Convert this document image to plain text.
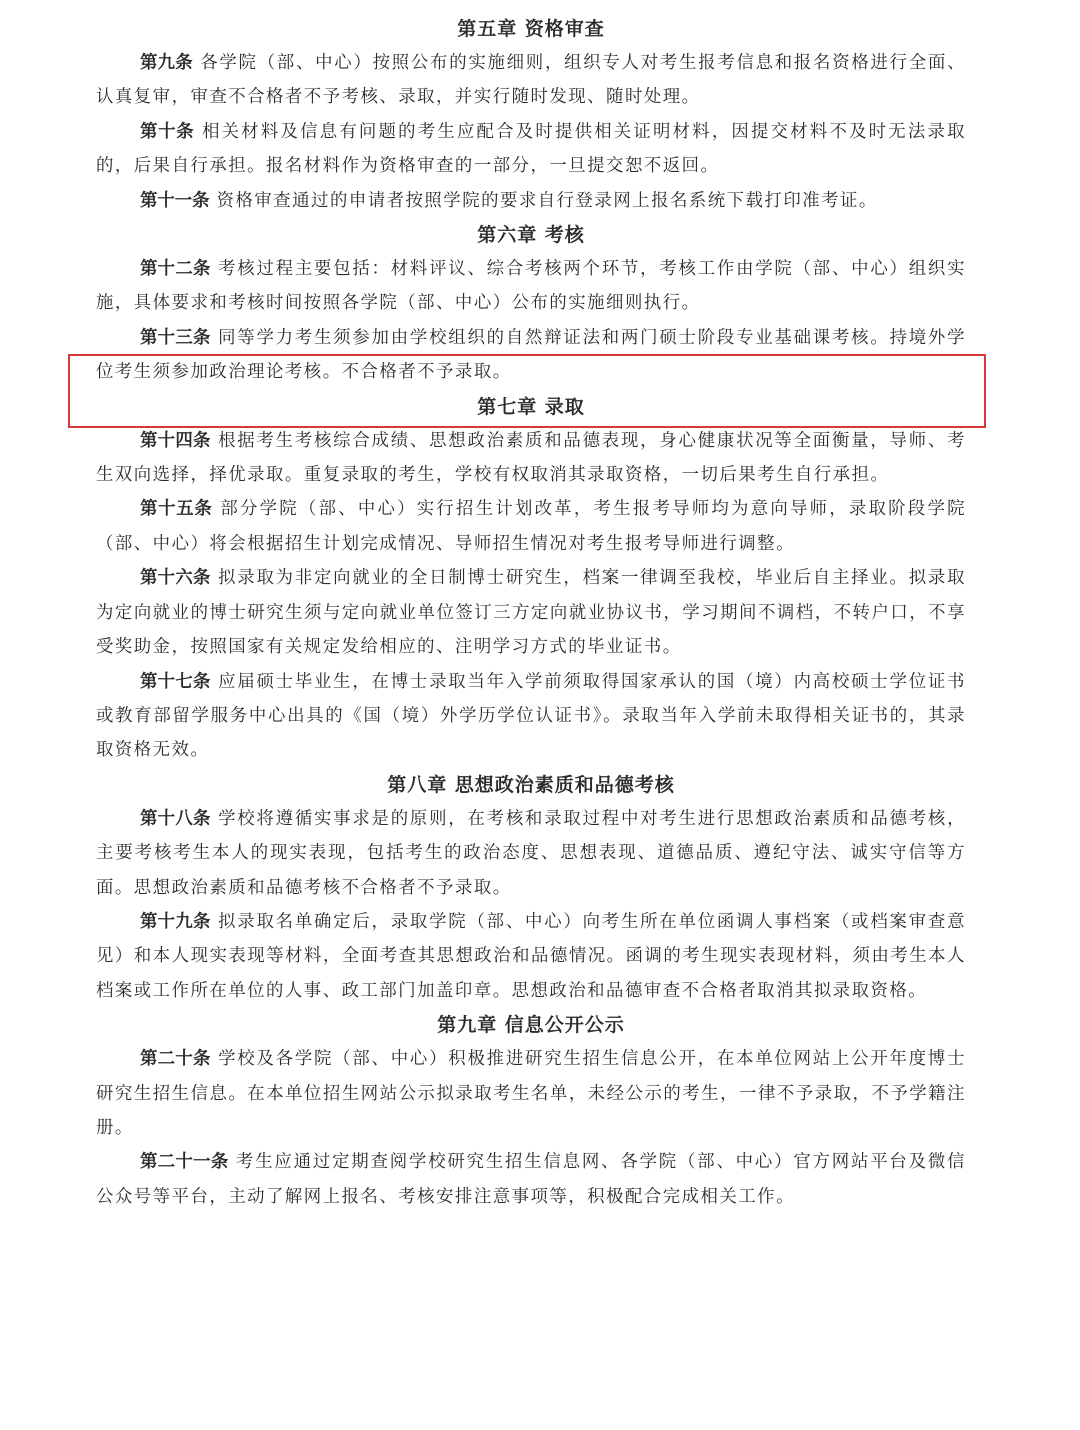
第五章 资格审查

第九条 各学院（部、中心）按照公布的实施细则，组织专人对考生报考信息和报名资格进行全面、认真复审，审查不合格者不予考核、录取，并实行随时发现、随时处理。

第十条 相关材料及信息有问题的考生应配合及时提供相关证明材料，因提交材料不及时无法录取的，后果自行承担。报名材料作为资格审查的一部分，一旦提交恕不返回。

第十一条 资格审查通过的申请者按照学院的要求自行登录网上报名系统下载打印准考证。

第六章 考核

第十二条 考核过程主要包括：材料评议、综合考核两个环节，考核工作由学院（部、中心）组织实施，具体要求和考核时间按照各学院（部、中心）公布的实施细则执行。

第十三条 同等学力考生须参加由学校组织的自然辩证法和两门硕士阶段专业基础课考核。持境外学位考生须参加政治理论考核。不合格者不予录取。

第七章 录取

第十四条 根据考生考核综合成绩、思想政治素质和品德表现，身心健康状况等全面衡量，导师、考生双向选择，择优录取。重复录取的考生，学校有权取消其录取资格，一切后果考生自行承担。

第十五条 部分学院（部、中心）实行招生计划改革，考生报考导师均为意向导师，录取阶段学院（部、中心）将会根据招生计划完成情况、导师招生情况对考生报考导师进行调整。

第十六条 拟录取为非定向就业的全日制博士研究生，档案一律调至我校，毕业后自主择业。拟录取为定向就业的博士研究生须与定向就业单位签订三方定向就业协议书，学习期间不调档，不转户口，不享受奖助金，按照国家有关规定发给相应的、注明学习方式的毕业证书。

第十七条 应届硕士毕业生，在博士录取当年入学前须取得国家承认的国（境）内高校硕士学位证书或教育部留学服务中心出具的《国（境）外学历学位认证书》。录取当年入学前未取得相关证书的，其录取资格无效。

第八章 思想政治素质和品德考核

第十八条 学校将遵循实事求是的原则，在考核和录取过程中对考生进行思想政治素质和品德考核，主要考核考生本人的现实表现，包括考生的政治态度、思想表现、道德品质、遵纪守法、诚实守信等方面。思想政治素质和品德考核不合格者不予录取。

第十九条 拟录取名单确定后，录取学院（部、中心）向考生所在单位函调人事档案（或档案审查意见）和本人现实表现等材料，全面考查其思想政治和品德情况。函调的考生现实表现材料，须由考生本人档案或工作所在单位的人事、政工部门加盖印章。思想政治和品德审查不合格者取消其拟录取资格。

第九章 信息公开公示

第二十条 学校及各学院（部、中心）积极推进研究生招生信息公开，在本单位网站上公开年度博士研究生招生信息。在本单位招生网站公示拟录取考生名单，未经公示的考生，一律不予录取，不予学籍注册。

第二十一条 考生应通过定期查阅学校研究生招生信息网、各学院（部、中心）官方网站平台及微信公众号等平台，主动了解网上报名、考核安排注意事项等，积极配合完成相关工作。
